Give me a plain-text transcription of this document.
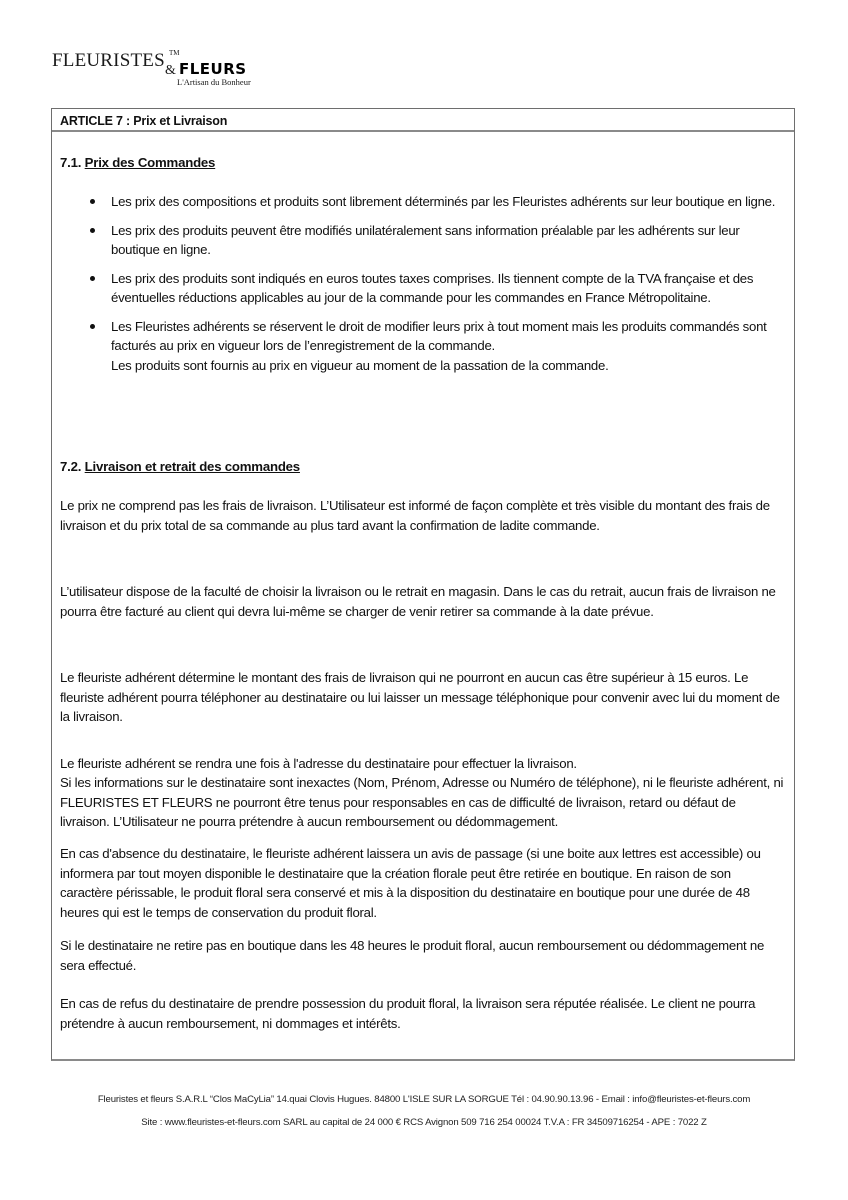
FLEURISTES TM
& FLEURS
L'Artisan du Bonheur
ARTICLE 7 : Prix et Livraison
7.1. Prix des Commandes
Les prix des compositions et produits sont librement déterminés par les Fleuristes adhérents sur leur boutique en ligne.
Les prix des produits peuvent être modifiés unilatéralement sans information préalable par les adhérents sur leur boutique en ligne.
Les prix des produits sont indiqués en euros toutes taxes comprises. Ils tiennent compte de la TVA française et des éventuelles réductions applicables au jour de la commande pour les commandes en France Métropolitaine.
Les Fleuristes adhérents se réservent le droit de modifier leurs prix à tout moment mais les produits commandés sont facturés au prix en vigueur lors de l’enregistrement de la commande.
Les produits sont fournis au prix en vigueur au moment de la passation de la commande.
7.2. Livraison et retrait des commandes
Le prix ne comprend pas les frais de livraison. L’Utilisateur est informé de façon complète et très visible du montant des frais de livraison et du prix total de sa commande au plus tard avant la confirmation de ladite commande.
L’utilisateur dispose de la faculté de choisir la livraison ou le retrait en magasin. Dans le cas du retrait, aucun frais de livraison ne pourra être facturé au client qui devra lui-même se charger de venir retirer sa commande à la date prévue.
Le fleuriste adhérent détermine le montant des frais de livraison qui ne pourront en aucun cas être supérieur à 15 euros. Le fleuriste adhérent pourra téléphoner au destinataire ou lui laisser un message téléphonique pour convenir avec lui du moment de la livraison.
Le fleuriste adhérent se rendra une fois à l'adresse du destinataire pour effectuer la livraison.
Si les informations sur le destinataire sont inexactes (Nom, Prénom, Adresse ou Numéro de téléphone), ni le fleuriste adhérent, ni FLEURISTES ET FLEURS ne pourront être tenus pour responsables en cas de difficulté de livraison, retard ou défaut de livraison. L’Utilisateur ne pourra prétendre à aucun remboursement ou dédommagement.
En cas d'absence du destinataire, le fleuriste adhérent laissera un avis de passage (si une boite aux lettres est accessible) ou informera par tout moyen disponible le destinataire que la création florale peut être retirée en boutique. En raison de son caractère périssable, le produit floral sera conservé et mis à la disposition du destinataire en boutique pour une durée de 48 heures qui est le temps de conservation du produit floral.
Si le destinataire ne retire pas en boutique dans les 48 heures le produit floral, aucun remboursement ou dédommagement ne sera effectué.
En cas de refus du destinataire de prendre possession du produit floral, la livraison sera réputée réalisée. Le client ne pourra prétendre à aucun remboursement, ni dommages et intérêts.
Fleuristes et fleurs S.A.R.L “Clos MaCyLia” 14.quai Clovis Hugues. 84800 L'ISLE SUR LA SORGUE Tél : 04.90.90.13.96 - Email : info@fleuristes-et-fleurs.com
Site : www.fleuristes-et-fleurs.com SARL au capital de 24 000 € RCS Avignon 509 716 254 00024 T.V.A : FR 34509716254 - APE : 7022 Z
